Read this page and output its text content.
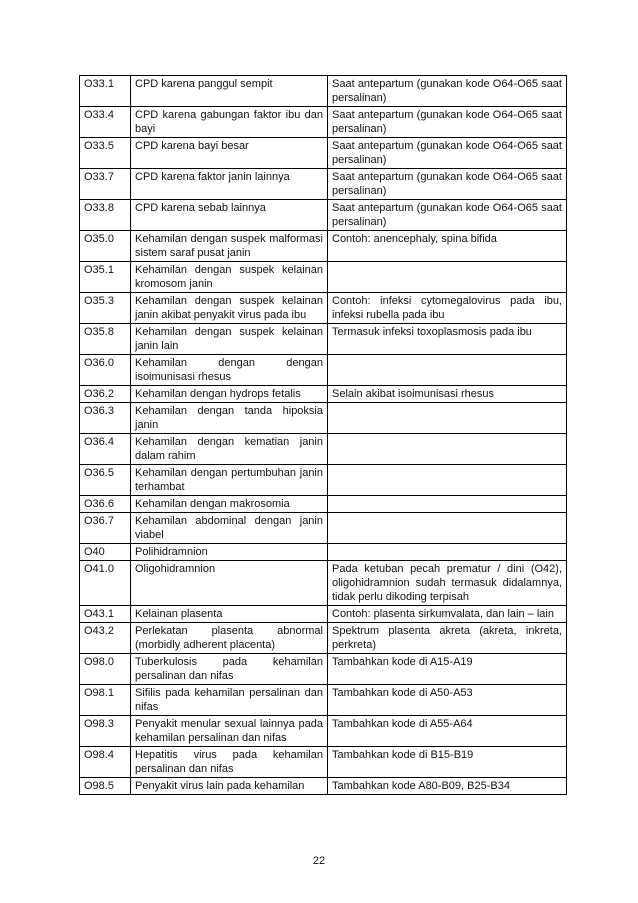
O33.1	CPD karena panggul sempit	Saat antepartum (gunakan kode O64-O65 saat persalinan)
O33.4	CPD karena gabungan faktor ibu dan bayi	Saat antepartum (gunakan kode O64-O65 saat persalinan)
O33.5	CPD karena bayi besar	Saat antepartum (gunakan kode O64-O65 saat persalinan)
O33.7	CPD karena faktor janin lainnya	Saat antepartum (gunakan kode O64-O65 saat persalinan)
O33.8	CPD karena sebab lainnya	Saat antepartum (gunakan kode O64-O65 saat persalinan)
O35.0	Kehamilan dengan suspek malformasi sistem saraf pusat janin	Contoh: anencephaly, spina bifida
O35.1	Kehamilan dengan suspek kelainan kromosom janin	
O35.3	Kehamilan dengan suspek kelainan janin akibat penyakit virus pada ibu	Contoh: infeksi cytomegalovirus pada ibu, infeksi rubella pada ibu
O35.8	Kehamilan dengan suspek kelainan janin lain	Termasuk infeksi toxoplasmosis pada ibu
O36.0	Kehamilan dengan dengan isoimunisasi rhesus	
O36.2	Kehamilan dengan hydrops fetalis	Selain akibat isoimunisasi rhesus
O36.3	Kehamilan dengan tanda hipoksia janin	
O36.4	Kehamilan dengan kematian janin dalam rahim	
O36.5	Kehamilan dengan pertumbuhan janin terhambat	
O36.6	Kehamilan dengan makrosomia	
O36.7	Kehamilan abdominal dengan janin viabel	
O40	Polihidramnion	
O41.0	Oligohidramnion	Pada ketuban pecah prematur / dini (O42), oligohidramnion sudah termasuk didalamnya, tidak perlu dikoding terpisah
O43.1	Kelainan plasenta	Contoh: plasenta sirkumvalata, dan lain – lain
O43.2	Perlekatan plasenta abnormal (morbidly adherent placenta)	Spektrum plasenta akreta (akreta, inkreta, perkreta)
O98.0	Tuberkulosis pada kehamilan persalinan dan nifas	Tambahkan kode di A15-A19
O98.1	Sifilis pada kehamilan persalinan dan nifas	Tambahkan kode di A50-A53
O98.3	Penyakit menular sexual lainnya pada kehamilan persalinan dan nifas	Tambahkan kode di A55-A64
O98.4	Hepatitis virus pada kehamilan persalinan dan nifas	Tambahkan kode di B15-B19
O98.5	Penyakit virus lain pada kehamilan	Tambahkan kode A80-B09, B25-B34
22
